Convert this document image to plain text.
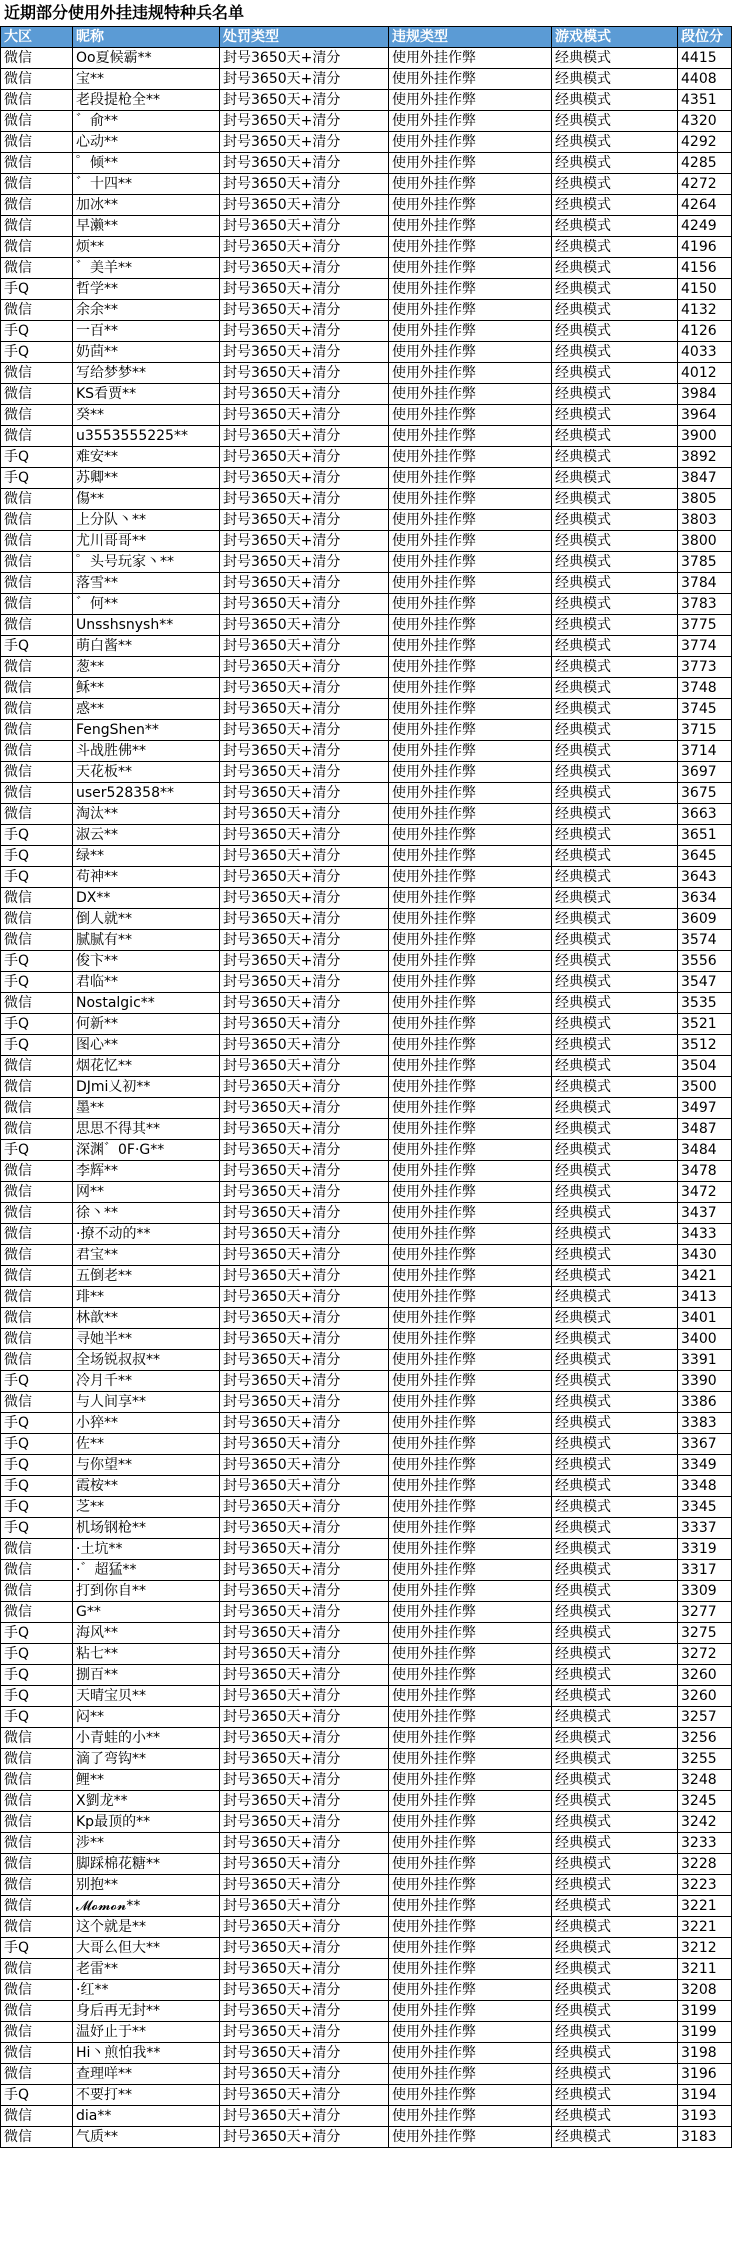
近期部分使用外挂违规特种兵名单
大区	昵称	处罚类型	违规类型	游戏模式	段位分
微信	Oo夏候霸**	封号3650天+清分	使用外挂作弊	经典模式	4415
微信	宝**	封号3650天+清分	使用外挂作弊	经典模式	4408
微信	老段提枪全**	封号3650天+清分	使用外挂作弊	经典模式	4351
微信	゛俞**	封号3650天+清分	使用外挂作弊	经典模式	4320
微信	心动**	封号3650天+清分	使用外挂作弊	经典模式	4292
微信	゜倾**	封号3650天+清分	使用外挂作弊	经典模式	4285
微信	゛十四**	封号3650天+清分	使用外挂作弊	经典模式	4272
微信	加冰**	封号3650天+清分	使用外挂作弊	经典模式	4264
微信	早濑**	封号3650天+清分	使用外挂作弊	经典模式	4249
微信	烦**	封号3650天+清分	使用外挂作弊	经典模式	4196
微信	゛美羊**	封号3650天+清分	使用外挂作弊	经典模式	4156
手Q	哲学**	封号3650天+清分	使用外挂作弊	经典模式	4150
微信	余余**	封号3650天+清分	使用外挂作弊	经典模式	4132
手Q	一百**	封号3650天+清分	使用外挂作弊	经典模式	4126
手Q	奶茴**	封号3650天+清分	使用外挂作弊	经典模式	4033
微信	写给梦梦**	封号3650天+清分	使用外挂作弊	经典模式	4012
微信	KS看贾**	封号3650天+清分	使用外挂作弊	经典模式	3984
微信	癸**	封号3650天+清分	使用外挂作弊	经典模式	3964
微信	u3553555225**	封号3650天+清分	使用外挂作弊	经典模式	3900
手Q	难安**	封号3650天+清分	使用外挂作弊	经典模式	3892
手Q	苏卿**	封号3650天+清分	使用外挂作弊	经典模式	3847
微信	傷**	封号3650天+清分	使用外挂作弊	经典模式	3805
微信	上分队丶**	封号3650天+清分	使用外挂作弊	经典模式	3803
微信	尤川哥哥**	封号3650天+清分	使用外挂作弊	经典模式	3800
微信	゜头号玩家丶**	封号3650天+清分	使用外挂作弊	经典模式	3785
微信	落雪**	封号3650天+清分	使用外挂作弊	经典模式	3784
微信	゛何**	封号3650天+清分	使用外挂作弊	经典模式	3783
微信	Unsshsnysh**	封号3650天+清分	使用外挂作弊	经典模式	3775
手Q	萌白酱**	封号3650天+清分	使用外挂作弊	经典模式	3774
微信	葱**	封号3650天+清分	使用外挂作弊	经典模式	3773
微信	稣**	封号3650天+清分	使用外挂作弊	经典模式	3748
微信	惑**	封号3650天+清分	使用外挂作弊	经典模式	3745
微信	FengShen**	封号3650天+清分	使用外挂作弊	经典模式	3715
微信	斗战胜佛**	封号3650天+清分	使用外挂作弊	经典模式	3714
微信	天花板**	封号3650天+清分	使用外挂作弊	经典模式	3697
微信	user528358**	封号3650天+清分	使用外挂作弊	经典模式	3675
微信	淘汰**	封号3650天+清分	使用外挂作弊	经典模式	3663
手Q	淑云**	封号3650天+清分	使用外挂作弊	经典模式	3651
手Q	绿**	封号3650天+清分	使用外挂作弊	经典模式	3645
手Q	苟神**	封号3650天+清分	使用外挂作弊	经典模式	3643
微信	DX**	封号3650天+清分	使用外挂作弊	经典模式	3634
微信	倒人就**	封号3650天+清分	使用外挂作弊	经典模式	3609
微信	腻腻有**	封号3650天+清分	使用外挂作弊	经典模式	3574
手Q	俊卞**	封号3650天+清分	使用外挂作弊	经典模式	3556
手Q	君临**	封号3650天+清分	使用外挂作弊	经典模式	3547
微信	Nostalgic**	封号3650天+清分	使用外挂作弊	经典模式	3535
手Q	何新**	封号3650天+清分	使用外挂作弊	经典模式	3521
手Q	图心**	封号3650天+清分	使用外挂作弊	经典模式	3512
微信	烟花忆**	封号3650天+清分	使用外挂作弊	经典模式	3504
微信	DJmi乂初**	封号3650天+清分	使用外挂作弊	经典模式	3500
微信	墨**	封号3650天+清分	使用外挂作弊	经典模式	3497
微信	思思不得其**	封号3650天+清分	使用外挂作弊	经典模式	3487
手Q	深渊゛0F·G**	封号3650天+清分	使用外挂作弊	经典模式	3484
微信	李辉**	封号3650天+清分	使用外挂作弊	经典模式	3478
微信	网**	封号3650天+清分	使用外挂作弊	经典模式	3472
微信	徐丶**	封号3650天+清分	使用外挂作弊	经典模式	3437
微信	·撩不动的**	封号3650天+清分	使用外挂作弊	经典模式	3433
微信	君宝**	封号3650天+清分	使用外挂作弊	经典模式	3430
微信	五倒老**	封号3650天+清分	使用外挂作弊	经典模式	3421
微信	琲**	封号3650天+清分	使用外挂作弊	经典模式	3413
微信	林歆**	封号3650天+清分	使用外挂作弊	经典模式	3401
微信	寻她半**	封号3650天+清分	使用外挂作弊	经典模式	3400
微信	全场锐叔叔**	封号3650天+清分	使用外挂作弊	经典模式	3391
手Q	冷月千**	封号3650天+清分	使用外挂作弊	经典模式	3390
微信	与人间享**	封号3650天+清分	使用外挂作弊	经典模式	3386
手Q	小猝**	封号3650天+清分	使用外挂作弊	经典模式	3383
手Q	佐**	封号3650天+清分	使用外挂作弊	经典模式	3367
手Q	与你望**	封号3650天+清分	使用外挂作弊	经典模式	3349
手Q	霞桉**	封号3650天+清分	使用外挂作弊	经典模式	3348
手Q	芝**	封号3650天+清分	使用外挂作弊	经典模式	3345
手Q	机场钢枪**	封号3650天+清分	使用外挂作弊	经典模式	3337
微信	·土坑**	封号3650天+清分	使用外挂作弊	经典模式	3319
微信	·゛超猛**	封号3650天+清分	使用外挂作弊	经典模式	3317
微信	打到你自**	封号3650天+清分	使用外挂作弊	经典模式	3309
微信	G**	封号3650天+清分	使用外挂作弊	经典模式	3277
手Q	海风**	封号3650天+清分	使用外挂作弊	经典模式	3275
手Q	粘七**	封号3650天+清分	使用外挂作弊	经典模式	3272
手Q	捌百**	封号3650天+清分	使用外挂作弊	经典模式	3260
手Q	天晴宝贝**	封号3650天+清分	使用外挂作弊	经典模式	3260
手Q	闷**	封号3650天+清分	使用外挂作弊	经典模式	3257
微信	小青蛙的小**	封号3650天+清分	使用外挂作弊	经典模式	3256
微信	滴了弯钩**	封号3650天+清分	使用外挂作弊	经典模式	3255
微信	鲤**	封号3650天+清分	使用外挂作弊	经典模式	3248
微信	X劉龙**	封号3650天+清分	使用外挂作弊	经典模式	3245
微信	Kp最顶的**	封号3650天+清分	使用外挂作弊	经典模式	3242
微信	涉**	封号3650天+清分	使用外挂作弊	经典模式	3233
微信	脚踩棉花糖**	封号3650天+清分	使用外挂作弊	经典模式	3228
微信	别抱**	封号3650天+清分	使用外挂作弊	经典模式	3223
微信	𝓜𝓸𝓶𝓸𝓷**	封号3650天+清分	使用外挂作弊	经典模式	3221
微信	这个就是**	封号3650天+清分	使用外挂作弊	经典模式	3221
手Q	大哥么但大**	封号3650天+清分	使用外挂作弊	经典模式	3212
微信	老雷**	封号3650天+清分	使用外挂作弊	经典模式	3211
微信	·红**	封号3650天+清分	使用外挂作弊	经典模式	3208
微信	身后再无封**	封号3650天+清分	使用外挂作弊	经典模式	3199
微信	温妤止于**	封号3650天+清分	使用外挂作弊	经典模式	3199
微信	Hi丶煎怕我**	封号3650天+清分	使用外挂作弊	经典模式	3198
微信	查理咩**	封号3650天+清分	使用外挂作弊	经典模式	3196
手Q	不要打**	封号3650天+清分	使用外挂作弊	经典模式	3194
微信	dia**	封号3650天+清分	使用外挂作弊	经典模式	3193
微信	气质**	封号3650天+清分	使用外挂作弊	经典模式	3183
